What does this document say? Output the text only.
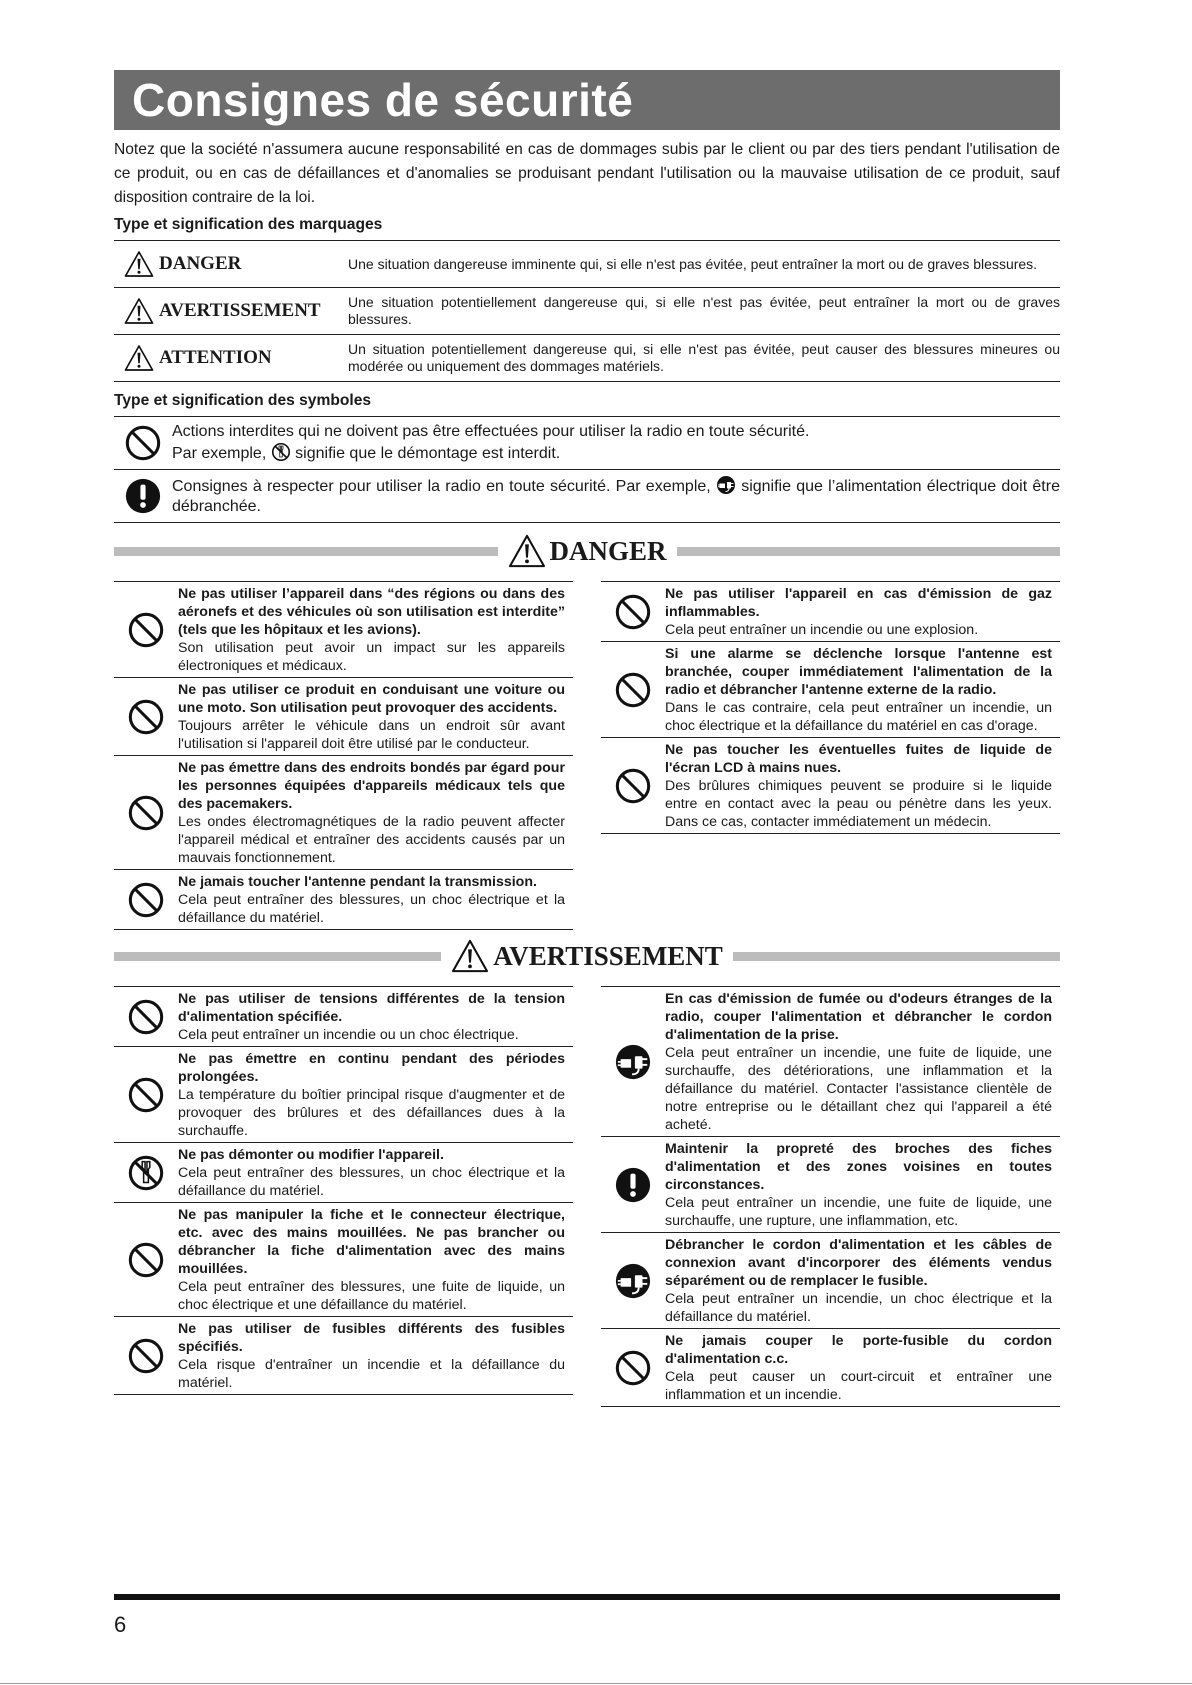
Consignes de sécurité

Notez que la société n'assumera aucune responsabilité en cas de dommages subis par le client ou par des tiers pendant l'utilisation de ce produit, ou en cas de défaillances et d'anomalies se produisant pendant l'utilisation ou la mauvaise utilisation de ce produit, sauf disposition contraire de la loi.

Type et signification des marquages
DANGER	Une situation dangereuse imminente qui, si elle n'est pas évitée, peut entraîner la mort ou de graves blessures.

AVERTISSEMENT	Une situation potentiellement dangereuse qui, si elle n'est pas évitée, peut entraîner la mort ou de graves blessures.

ATTENTION	Un situation potentiellement dangereuse qui, si elle n'est pas évitée, peut causer des blessures mineures ou modérée ou uniquement des dommages matériels.
Type et signification des symboles
Actions interdites qui ne doivent pas être effectuées pour utiliser la radio en toute sécurité.
Par exemple, signifie que le démontage est interdit.
Consignes à respecter pour utiliser la radio en toute sécurité. Par exemple, signifie que l’alimentation électrique doit être débranchée.
DANGER
Ne pas utiliser l’appareil dans “des régions ou dans des aéronefs et des véhicules où son utilisation est interdite” (tels que les hôpitaux et les avions).
Son utilisation peut avoir un impact sur les appareils électroniques et médicaux.
Ne pas utiliser ce produit en conduisant une voiture ou une moto. Son utilisation peut provoquer des accidents.
Toujours arrêter le véhicule dans un endroit sûr avant l'utilisation si l'appareil doit être utilisé par le conducteur.
Ne pas émettre dans des endroits bondés par égard pour les personnes équipées d'appareils médicaux tels que des pacemakers.
Les ondes électromagnétiques de la radio peuvent affecter l'appareil médical et entraîner des accidents causés par un mauvais fonctionnement.
Ne jamais toucher l'antenne pendant la transmission.
Cela peut entraîner des blessures, un choc électrique et la défaillance du matériel.
Ne pas utiliser l'appareil en cas d'émission de gaz inflammables.
Cela peut entraîner un incendie ou une explosion.
Si une alarme se déclenche lorsque l'antenne est branchée, couper immédiatement l'alimentation de la radio et débrancher l'antenne externe de la radio.
Dans le cas contraire, cela peut entraîner un incendie, un choc électrique et la défaillance du matériel en cas d'orage.
Ne pas toucher les éventuelles fuites de liquide de l'écran LCD à mains nues.
Des brûlures chimiques peuvent se produire si le liquide entre en contact avec la peau ou pénètre dans les yeux. Dans ce cas, contacter immédiatement un médecin.
AVERTISSEMENT
Ne pas utiliser de tensions différentes de la tension d'alimentation spécifiée.
Cela peut entraîner un incendie ou un choc électrique.
Ne pas émettre en continu pendant des périodes prolongées.
La température du boîtier principal risque d'augmenter et de provoquer des brûlures et des défaillances dues à la surchauffe.
Ne pas démonter ou modifier l'appareil.
Cela peut entraîner des blessures, un choc électrique et la défaillance du matériel.
Ne pas manipuler la fiche et le connecteur électrique, etc. avec des mains mouillées. Ne pas brancher ou débrancher la fiche d'alimentation avec des mains mouillées.
Cela peut entraîner des blessures, une fuite de liquide, un choc électrique et une défaillance du matériel.
Ne pas utiliser de fusibles différents des fusibles spécifiés.
Cela risque d'entraîner un incendie et la défaillance du matériel.
En cas d'émission de fumée ou d'odeurs étranges de la radio, couper l'alimentation et débrancher le cordon d'alimentation de la prise.
Cela peut entraîner un incendie, une fuite de liquide, une surchauffe, des détériorations, une inflammation et la défaillance du matériel. Contacter l'assistance clientèle de notre entreprise ou le détaillant chez qui l'appareil a été acheté.
Maintenir la propreté des broches des fiches d'alimentation et des zones voisines en toutes circonstances.
Cela peut entraîner un incendie, une fuite de liquide, une surchauffe, une rupture, une inflammation, etc.
Débrancher le cordon d'alimentation et les câbles de connexion avant d'incorporer des éléments vendus séparément ou de remplacer le fusible.
Cela peut entraîner un incendie, un choc électrique et la défaillance du matériel.
Ne jamais couper le porte-fusible du cordon d'alimentation c.c.
Cela peut causer un court-circuit et entraîner une inflammation et un incendie.
6
